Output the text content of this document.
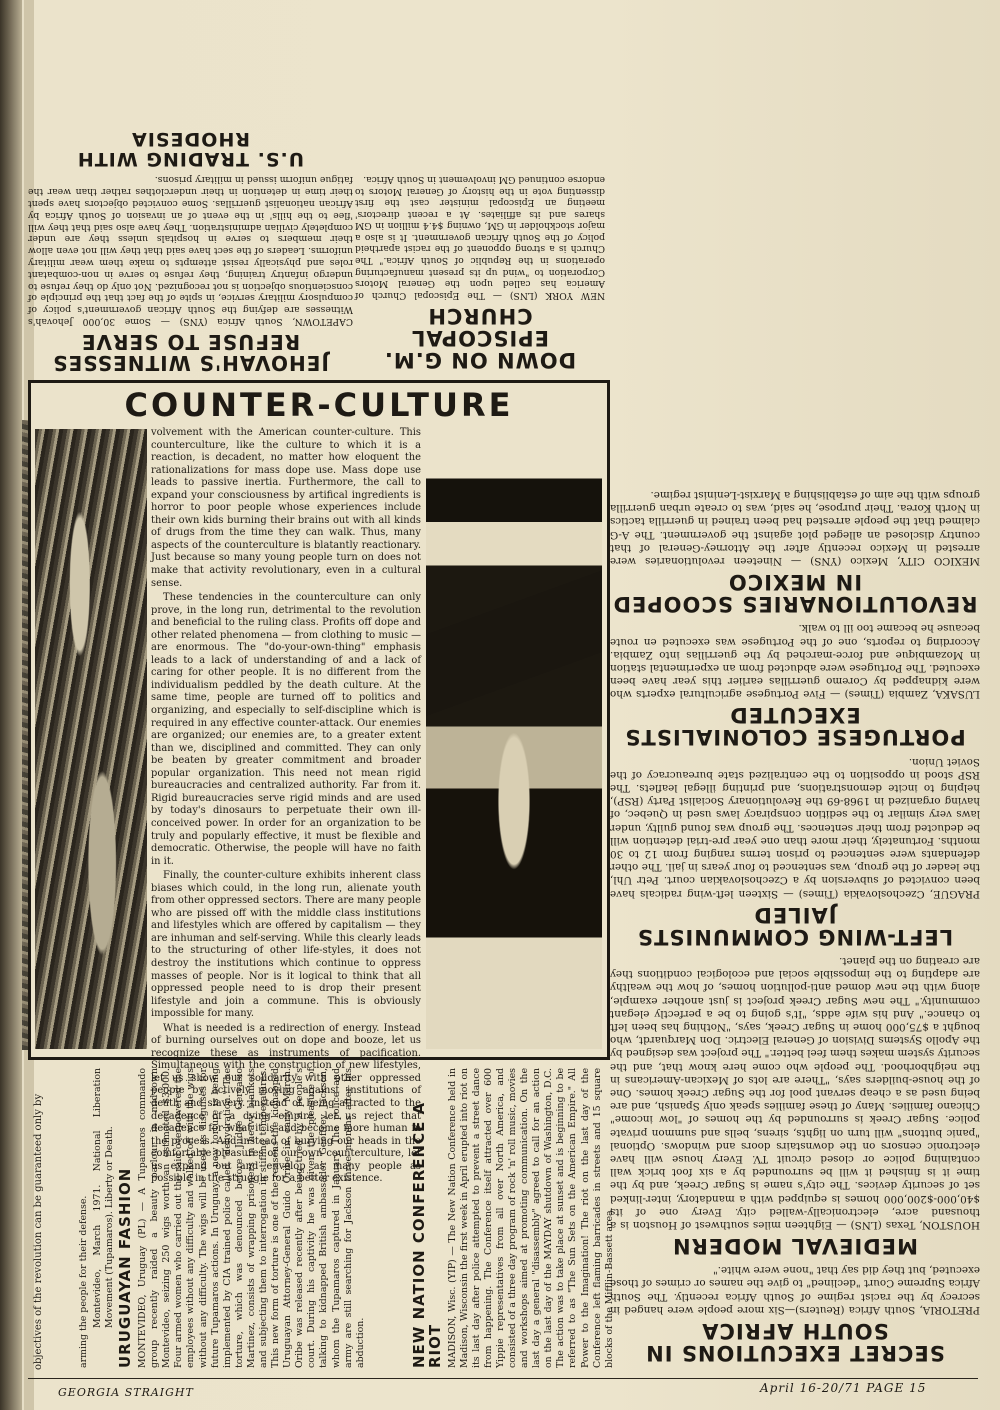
SECRET EXECUTIONS IN SOUTH AFRICA
PRETORIA, South Africa (Reuters)—Six more people were hanged in secrecy by the racist regime of South Africa recently. The South Africa Supreme Court "declined" to give the names or crimes of those executed, but they did say that "none were white."
MEDIEVAL MODERN
HOUSTON, Texas (LNS) — Eighteen miles southwest of Houston is a thousand acre, electronically-walled city. Every one of its $40,000-$200,000 homes is equipped with a mandatory, inter-linked set of security devices. The city's name is Sugar Creek, and by the time it is finished it will be surrounded by a six foot brick wall containing police or closed circuit TV. Every house will have electronic censors on the downstairs doors and windows. Optional "panic buttons" will turn on lights, sirens, bells and summon private police. Sugar Creek is surrounded by the homes of "low income" Chicano families. Many of these families speak only Spanish, and are being used as a cheap servant pool for the Sugar Creek homes. One of the house-builders says, "There are lots of Mexican-Americans in the neighborhood. The people who come here know that, and the security system makes them feel better." The project was designed by the Apollo Systems Division of General Electric. Don Marquardt, who bought a $75,000 home in Sugar Creek, says, "Nothing has been left to chance." And his wife adds, "It's going to be a perfectly elegant community." The new Sugar Creek project is just another example, along with the new domed anti-pollution homes, of how the wealthy are adapting to the impossible social and ecological conditions they are creating on the planet.
LEFT-WING COMMUNISTS JAILED
PRAGUE, Czechoslovakia (Times) — Sixteen left-wing radicals have been convicted of subversion by a Czechoslovakian court. Petr Uhl, the leader of the group, was sentenced to four years in jail. The other defendants were sentenced to prison terms ranging from 12 to 30 months. Fortunately, their more than one year pre-trial detention will be deducted from their sentences. The group was found guilty, under laws very similar to the sedition conspiracy laws used in Quebec, of having organized in 1968-69 the Revolutionary Socialist Party (RSP), helping to incite demonstrations, and printing illegal leaflets. The RSP stood in opposition to the centralized state bureaucracy of the Soviet Union.
PORTUGESE COLONIALISTS EXECUTED
LUSAKA, Zambia (Times) — Five Portugese agricultural experts who were kidnapped by Coremo guerrillas earlier this year have been executed. The Portugese were abducted from an experimental station in Mozambique and force-marched by the guerrillas into Zambia. According to reports, one of the Portugese was executed en route because he became too ill to walk.
REVOLUTIONARIES SCOOPED IN MEXICO
MEXICO CITY, Mexico (YNS) — Nineteen revolutionaries were arrested in Mexico recently after the Attorney-General of that country disclosed an alleged plot against the government. The A-G claimed that the people arrested had been trained in guerrilla tactics in North Korea. Their purpose, he said, was to create urban guerrilla groups with the aim of establishing a Marxist-Leninist regime.
DOWN ON G.M. EPISCOPAL CHURCH
NEW YORK (LNS) — The Episcopal Church of America has called upon the General Motors Corporation to "wind up its present manufacturing operations in the Republic of South Africa." The Church is a strong opponent of the racist apartheid policy of the South African government. It is also a major stockholder in GM, owning $4.4 million in GM shares and its affiliates. At a recent directors' meeting an Episcopal minister cast the first dissenting vote in the history of General Motors to endorse continued GM involvement in South Africa.
JEHOVAH'S WITNESSES REFUSE TO SERVE
CAPETOWN, South Africa (YNS) — Some 30,000 Jehovah's Witnesses are defying the South African government's policy of compulsory military service, in spite of the fact that the principle of conscientious objection is not recognized. Not only do they refuse to undergo infantry training, they refuse to serve in non-combatant roles and physically resist attempts to make them wear military uniforms. Leaders of the sect have said that they will not even allow their members to serve in hospitals unless they are under completely civilian administration. They have also said that they will 'flee to the hills' in the event of an invasion of South Africa by African nationalist guerrillas. Some convicted objectors have spent their time in detention in their underclothes rather than wear the fatigue uniform issued in military prisons.
U.S. TRADING WITH RHODESIA
COUNTER-CULTURE

volvement with the American counter-culture. This counterculture, like the culture to which it is a reaction, is decadent, no matter how eloquent the rationalizations for mass dope use. Mass dope use leads to passive inertia. Furthermore, the call to expand your consciousness by artifical ingredients is horror to poor people whose experiences include their own kids burning their brains out with all kinds of drugs from the time they can walk. Thus, many aspects of the counterculture is blatantly reactionary. Just because so many young people turn on does not make that activity revolutionary, even in a cultural sense.

These tendencies in the counterculture can only prove, in the long run, detrimental to the revolution and beneficial to the ruling class. Profits off dope and other related phenomena — from clothing to music — are enormous. The "do-your-own-thing" emphasis leads to a lack of understanding of and a lack of caring for other people. It is no different from the individualism peddled by the death culture. At the same time, people are turned off to politics and organizing, and especially to self-discipline which is required in any effective counter-attack. Our enemies are organized; our enemies are, to a greater extent than we, disciplined and committed. They can only be beaten by greater commitment and broader popular organization. This need not mean rigid bureaucracies and centralized authority. Far from it. Rigid bureaucracies serve rigid minds and are used by today's dinosaurs to perpetuate their own ill-conceived power. In order for an organization to be truly and popularly effective, it must be flexible and democratic. Otherwise, the people will have no faith in it.

Finally, the counter-culture exhibits inherent class biases which could, in the long run, alienate youth from other oppressed sectors. There are many people who are pissed off with the middle class institutions and lifestyles which are offered by capitalism — they are inhuman and self-serving. While this clearly leads to the structuring of other life-styles, it does not destroy the institutions which continue to oppress masses of people. Nor is it logical to think that all oppressed people need to is drop their present lifestyle and join a commune. This is obviously impossible for many.

What is needed is a redirection of energy. Instead of burning ourselves out on dope and booze, let us recognize these as instruments of pacification. Simultaneous with the construction of new lifestyles, let us show our solidarity with other oppressed people by actively moving against institutions of death and slavery. Instead of being attracted to the decadence of a dying empire, let us reject that decadence for what it is and become more human in the process. And instead of burying our heads in the comfortable pleasures of our own counterculture, let us expand out and envelop as many people as possible in the struggle for a better existence.

objectives of the revolution can be guaranteed only by	arming the people for their defense. Montevideo, March 1971. National Liberation Movement (Tupamaros). Liberty or Death. URUGUAYAN FASHION MONTEVIDEO, Uruguay (PL) — A Tupamaros commando group recently raided a beauty parlour in mid-town Montevideo, seizing 250 wigs worth an estimated $3,000. Four armed women who carried out the raid overpowered the employees without any difficulty and walked off with the wigs without any difficulty. The wigs will be used as disguises for future Tupamaros actions. In Uruguay, a new torture is being implemented by CIA trained police called "dehydration." The torture, which was denounced before Judge Gervasio Martinez, consists of wrapping prisoners in heavy blankets and subjecting them to interrogation in stifling temperatures. This new form of torture is one of the reasons the kidnapped Uruguayan Attorney-General Guido Oribe in early March. Oribe was released recently after being tried by a people's court. During his captivity he was given the pleasure of talking to kidnapped British ambassador Geoffrey Jackson, whom the Tupamaros captured in January. The police and army are still searching for Jackson three months after his abduction.	NEW NATION CONFERENCE A RIOT MADISON, Wisc. (YIP) — The New Nation Conference held in Madison, Wisconsin the first week in April erupted into riot on its last day after police attempted to prevent a street dance from happening. The Conference itself attracted over 600 Yippie representatives from all over North America, and consisted of a three day program of rock 'n' roll music, movies and workshops aimed at promoting communication. On the last day a general "disassembly" agreed to call for an action on the last day of the MAYDAY shutdown of Washington, D.C. The action was to take place at sunset and is beginning to be referred to as "The Sun Sets on the American Empire." All Power to the Imagination! The riot on the last day of the Conference left flaming barricades in streets and 15 square blocks of the Mifflin-Bassett area.
GEORGIA STRAIGHT	April 16-20/71 PAGE 15
